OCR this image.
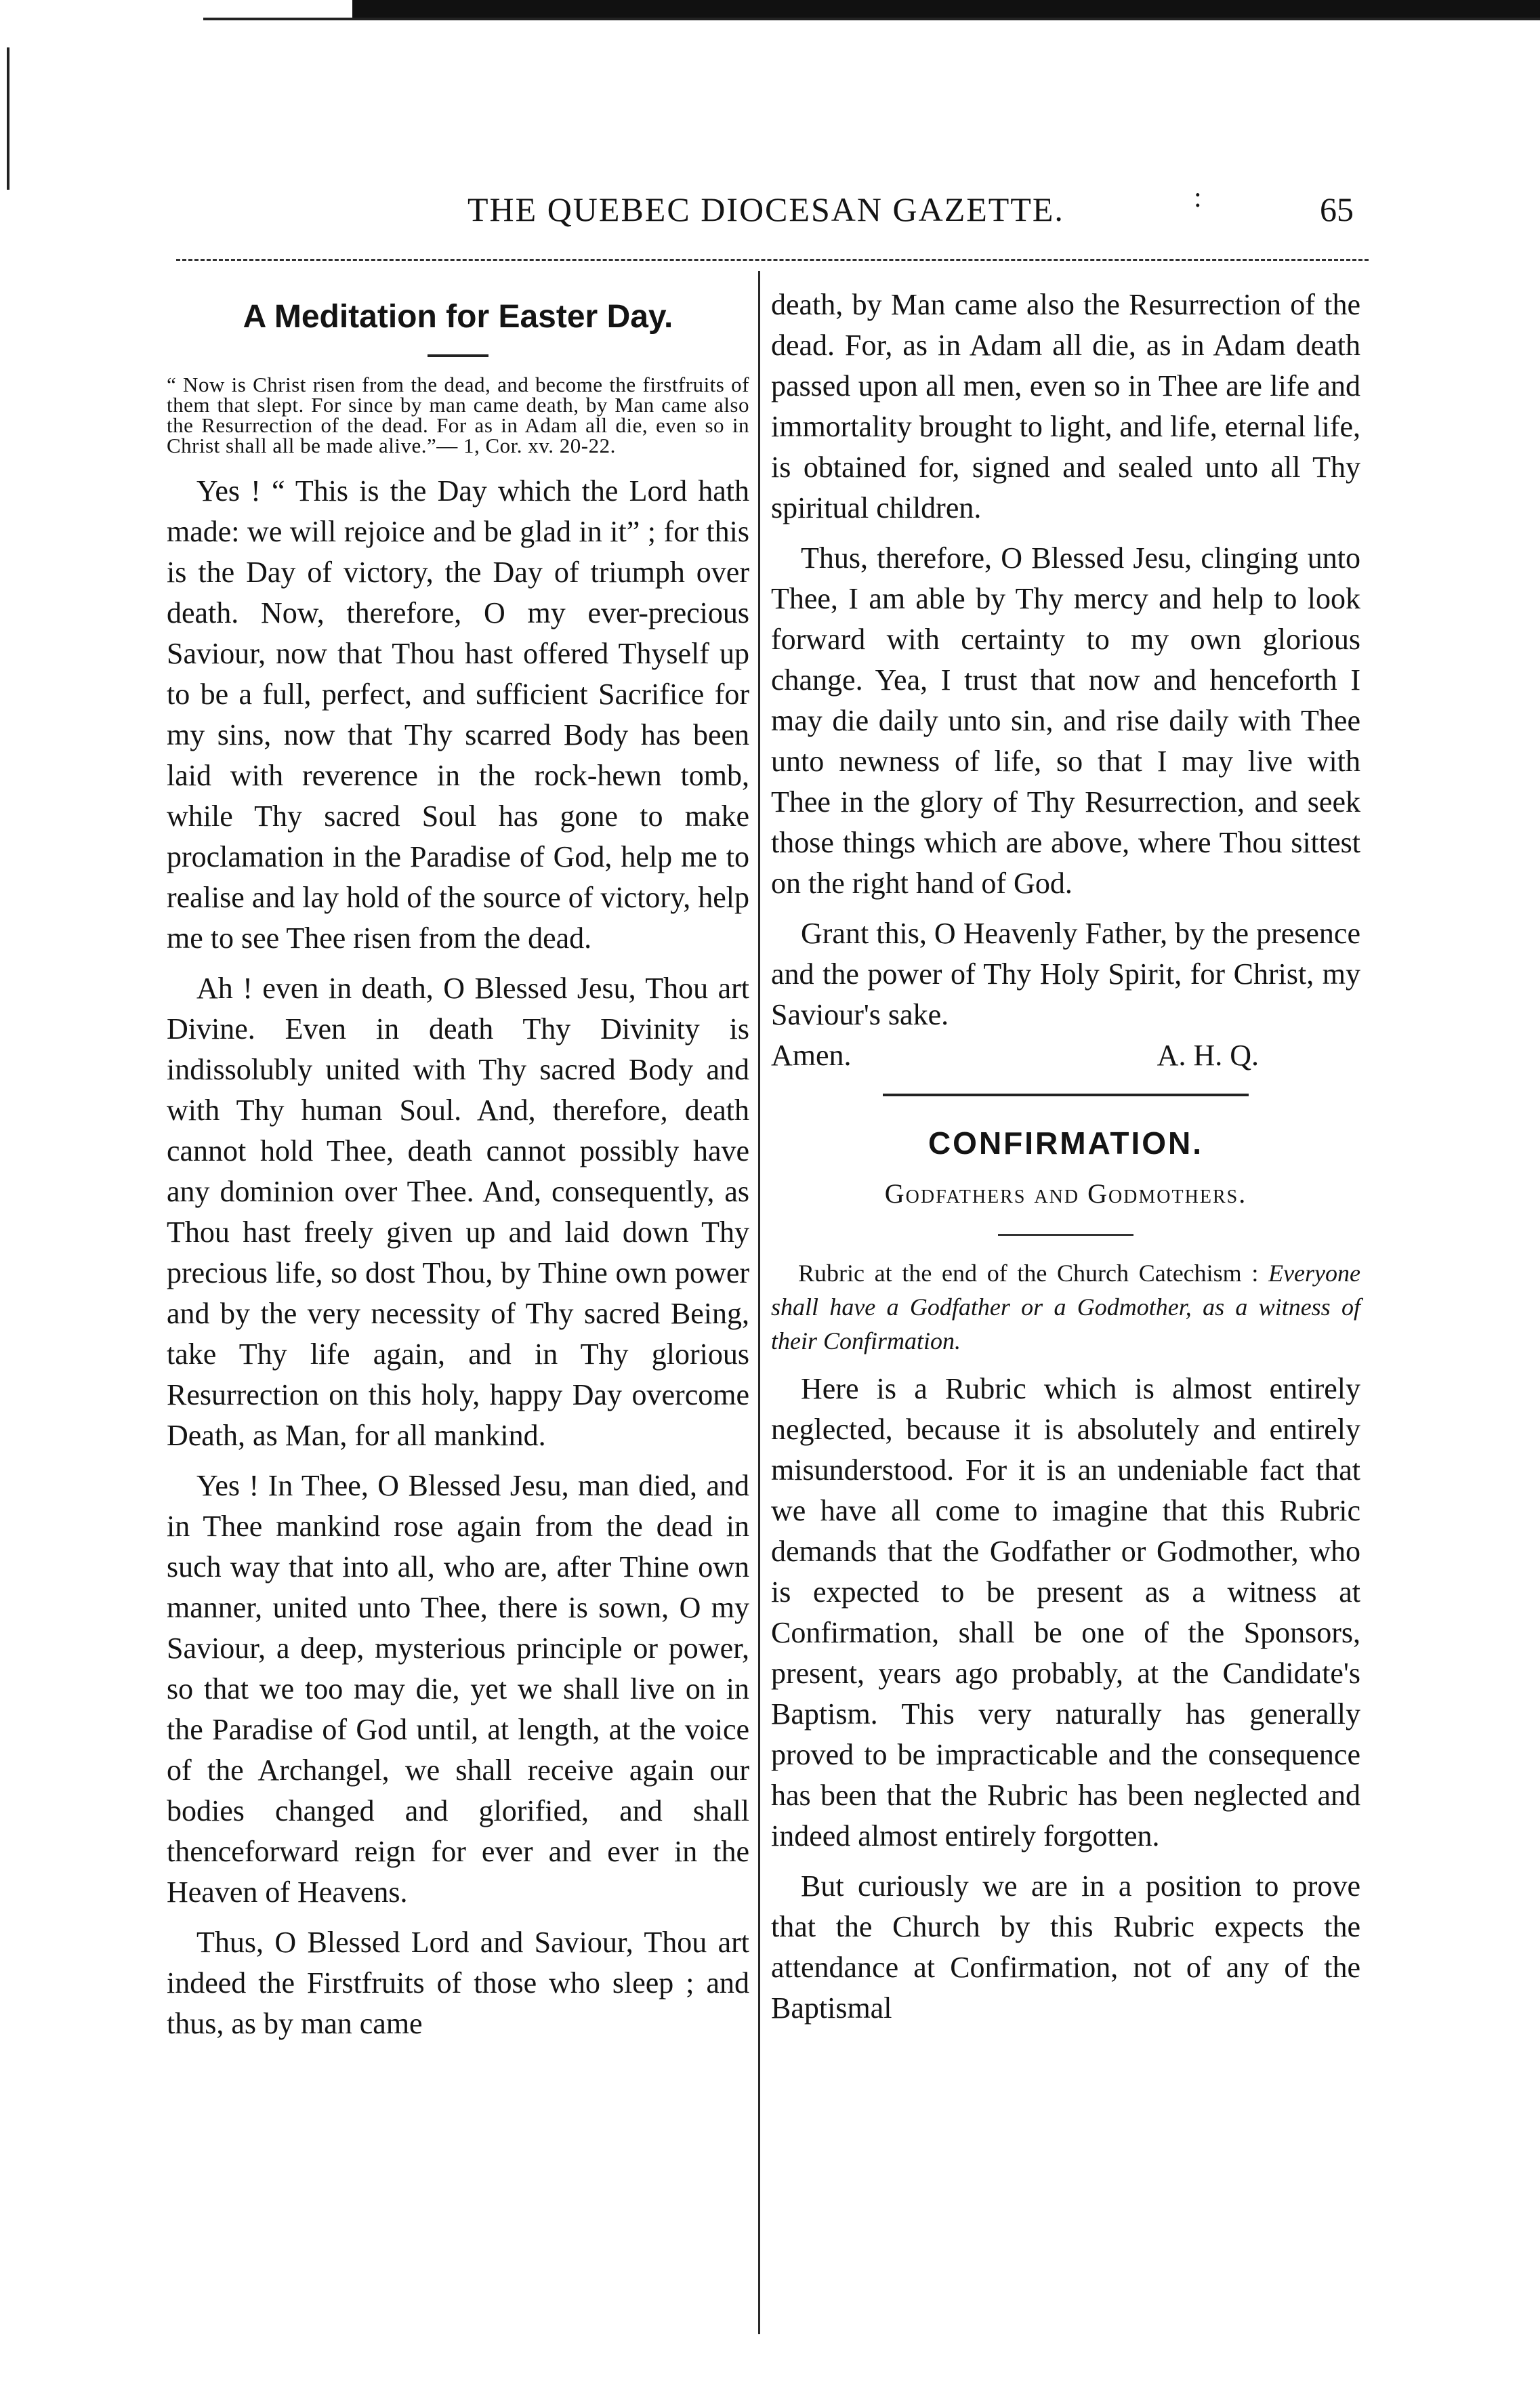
THE QUEBEC DIOCESAN GAZETTE.	:	65
A Meditation for Easter Day.

“ Now is Christ risen from the dead, and become the firstfruits of them that slept. For since by man came death, by Man came also the Resurrection of the dead. For as in Adam all die, even so in Christ shall all be made alive.”— 1, Cor. xv. 20-22.

Yes ! “ This is the Day which the Lord hath made: we will rejoice and be glad in it” ; for this is the Day of victory, the Day of triumph over death. Now, therefore, O my ever-precious Saviour, now that Thou hast offered Thyself up to be a full, perfect, and sufficient Sacrifice for my sins, now that Thy scarred Body has been laid with reverence in the rock-hewn tomb, while Thy sacred Soul has gone to make proclamation in the Paradise of God, help me to realise and lay hold of the source of victory, help me to see Thee risen from the dead.

Ah ! even in death, O Blessed Jesu, Thou art Divine. Even in death Thy Divinity is indissolubly united with Thy sacred Body and with Thy human Soul. And, therefore, death cannot hold Thee, death cannot possibly have any dominion over Thee. And, consequently, as Thou hast freely given up and laid down Thy precious life, so dost Thou, by Thine own power and by the very necessity of Thy sacred Being, take Thy life again, and in Thy glorious Resurrection on this holy, happy Day overcome Death, as Man, for all mankind.

Yes ! In Thee, O Blessed Jesu, man died, and in Thee mankind rose again from the dead in such way that into all, who are, after Thine own manner, united unto Thee, there is sown, O my Saviour, a deep, mysterious principle or power, so that we too may die, yet we shall live on in the Paradise of God until, at length, at the voice of the Archangel, we shall receive again our bodies changed and glorified, and shall thenceforward reign for ever and ever in the Heaven of Heavens.

Thus, O Blessed Lord and Saviour, Thou art indeed the Firstfruits of those who sleep ; and thus, as by man came

death, by Man came also the Resurrection of the dead. For, as in Adam all die, as in Adam death passed upon all men, even so in Thee are life and immortality brought to light, and life, eternal life, is obtained for, signed and sealed unto all Thy spiritual children.

Thus, therefore, O Blessed Jesu, clinging unto Thee, I am able by Thy mercy and help to look forward with certainty to my own glorious change. Yea, I trust that now and henceforth I may die daily unto sin, and rise daily with Thee unto newness of life, so that I may live with Thee in the glory of Thy Resurrection, and seek those things which are above, where Thou sittest on the right hand of God.

Grant this, O Heavenly Father, by the presence and the power of Thy Holy Spirit, for Christ, my Saviour's sake.

Amen.	A. H. Q.
CONFIRMATION.
Godfathers and Godmothers.

Rubric at the end of the Church Catechism : Everyone shall have a Godfather or a Godmother, as a witness of their Confirmation.

Here is a Rubric which is almost entirely neglected, because it is absolutely and entirely misunderstood. For it is an undeniable fact that we have all come to imagine that this Rubric demands that the Godfather or Godmother, who is expected to be present as a witness at Confirmation, shall be one of the Sponsors, present, years ago probably, at the Candidate's Baptism. This very naturally has generally proved to be impracticable and the consequence has been that the Rubric has been neglected and indeed almost entirely forgotten.

But curiously we are in a position to prove that the Church by this Rubric expects the attendance at Confirmation, not of any of the Baptismal
